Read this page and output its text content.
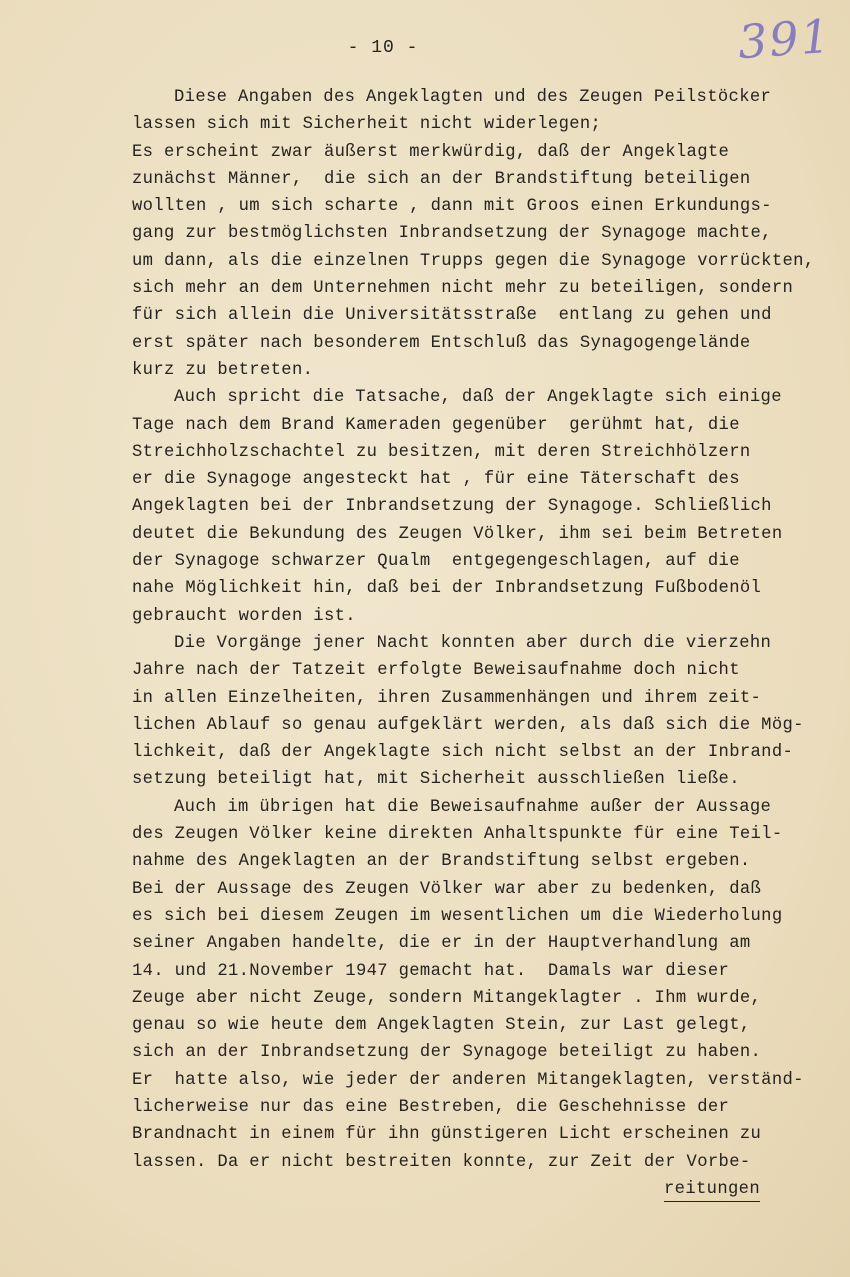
- 10 -	391
Diese Angaben des Angeklagten und des Zeugen Peilstöcker
lassen sich mit Sicherheit nicht widerlegen;
Es erscheint zwar äußerst merkwürdig, daß der Angeklagte
zunächst Männer,  die sich an der Brandstiftung beteiligen
wollten , um sich scharte , dann mit Groos einen Erkundungs-
gang zur bestmöglichsten Inbrandsetzung der Synagoge machte,
um dann, als die einzelnen Trupps gegen die Synagoge vorrückten,
sich mehr an dem Unternehmen nicht mehr zu beteiligen, sondern
für sich allein die Universitätsstraße  entlang zu gehen und
erst später nach besonderem Entschluß das Synagogengelände
kurz zu betreten.
Auch spricht die Tatsache, daß der Angeklagte sich einige
Tage nach dem Brand Kameraden gegenüber  gerühmt hat, die
Streichholzschachtel zu besitzen, mit deren Streichhölzern
er die Synagoge angesteckt hat , für eine Täterschaft des
Angeklagten bei der Inbrandsetzung der Synagoge. Schließlich
deutet die Bekundung des Zeugen Völker, ihm sei beim Betreten
der Synagoge schwarzer Qualm  entgegengeschlagen, auf die
nahe Möglichkeit hin, daß bei der Inbrandsetzung Fußbodenöl
gebraucht worden ist.
Die Vorgänge jener Nacht konnten aber durch die vierzehn
Jahre nach der Tatzeit erfolgte Beweisaufnahme doch nicht
in allen Einzelheiten, ihren Zusammenhängen und ihrem zeit-
lichen Ablauf so genau aufgeklärt werden, als daß sich die Mög-
lichkeit, daß der Angeklagte sich nicht selbst an der Inbrand-
setzung beteiligt hat, mit Sicherheit ausschließen ließe.
Auch im übrigen hat die Beweisaufnahme außer der Aussage
des Zeugen Völker keine direkten Anhaltspunkte für eine Teil-
nahme des Angeklagten an der Brandstiftung selbst ergeben.
Bei der Aussage des Zeugen Völker war aber zu bedenken, daß
es sich bei diesem Zeugen im wesentlichen um die Wiederholung
seiner Angaben handelte, die er in der Hauptverhandlung am
14. und 21.November 1947 gemacht hat.  Damals war dieser
Zeuge aber nicht Zeuge, sondern Mitangeklagter . Ihm wurde,
genau so wie heute dem Angeklagten Stein, zur Last gelegt,
sich an der Inbrandsetzung der Synagoge beteiligt zu haben.
Er  hatte also, wie jeder der anderen Mitangeklagten, verständ-
licherweise nur das eine Bestreben, die Geschehnisse der
Brandnacht in einem für ihn günstigeren Licht erscheinen zu
lassen. Da er nicht bestreiten konnte, zur Zeit der Vorbe-
reitungen
